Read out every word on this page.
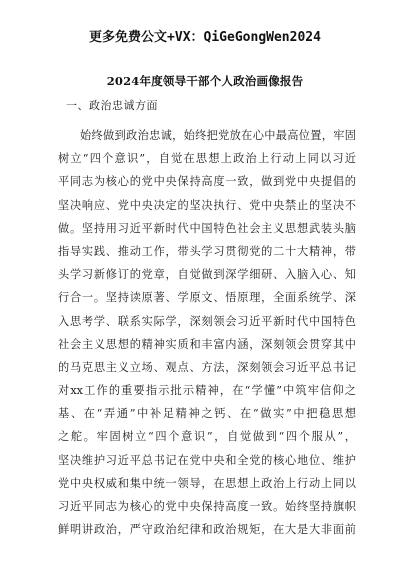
更多免费公文+VX：QiGeGongWen2024
2024年度领导干部个人政治画像报告
一、政治忠诚方面
始终做到政治忠诚，始终把党放在心中最高位置，牢固
树立“四个意识”，自觉在思想上政治上行动上同以习近
平同志为核心的党中央保持高度一致，做到党中央提倡的
坚决响应、党中央决定的坚决执行、党中央禁止的坚决不
做。坚持用习近平新时代中国特色社会主义思想武装头脑
指导实践、推动工作，带头学习贯彻党的二十大精神，带
头学习新修订的党章，自觉做到深学细研、入脑入心、知
行合一。坚持读原著、学原文、悟原理，全面系统学、深
入思考学、联系实际学，深刻领会习近平新时代中国特色
社会主义思想的精神实质和丰富内涵，深刻领会贯穿其中
的马克思主义立场、观点、方法，深刻领会习近平总书记
对xx工作的重要指示批示精神，在“学懂”中筑牢信仰之
基、在“弄通”中补足精神之钙、在“做实”中把稳思想
之舵。牢固树立“四个意识”，自觉做到“四个服从”，
坚决维护习近平总书记在党中央和全党的核心地位、维护
党中央权威和集中统一领导，在思想上政治上行动上同以
习近平同志为核心的党中央保持高度一致。始终坚持旗帜
鲜明讲政治，严守政治纪律和政治规矩，在大是大非面前
